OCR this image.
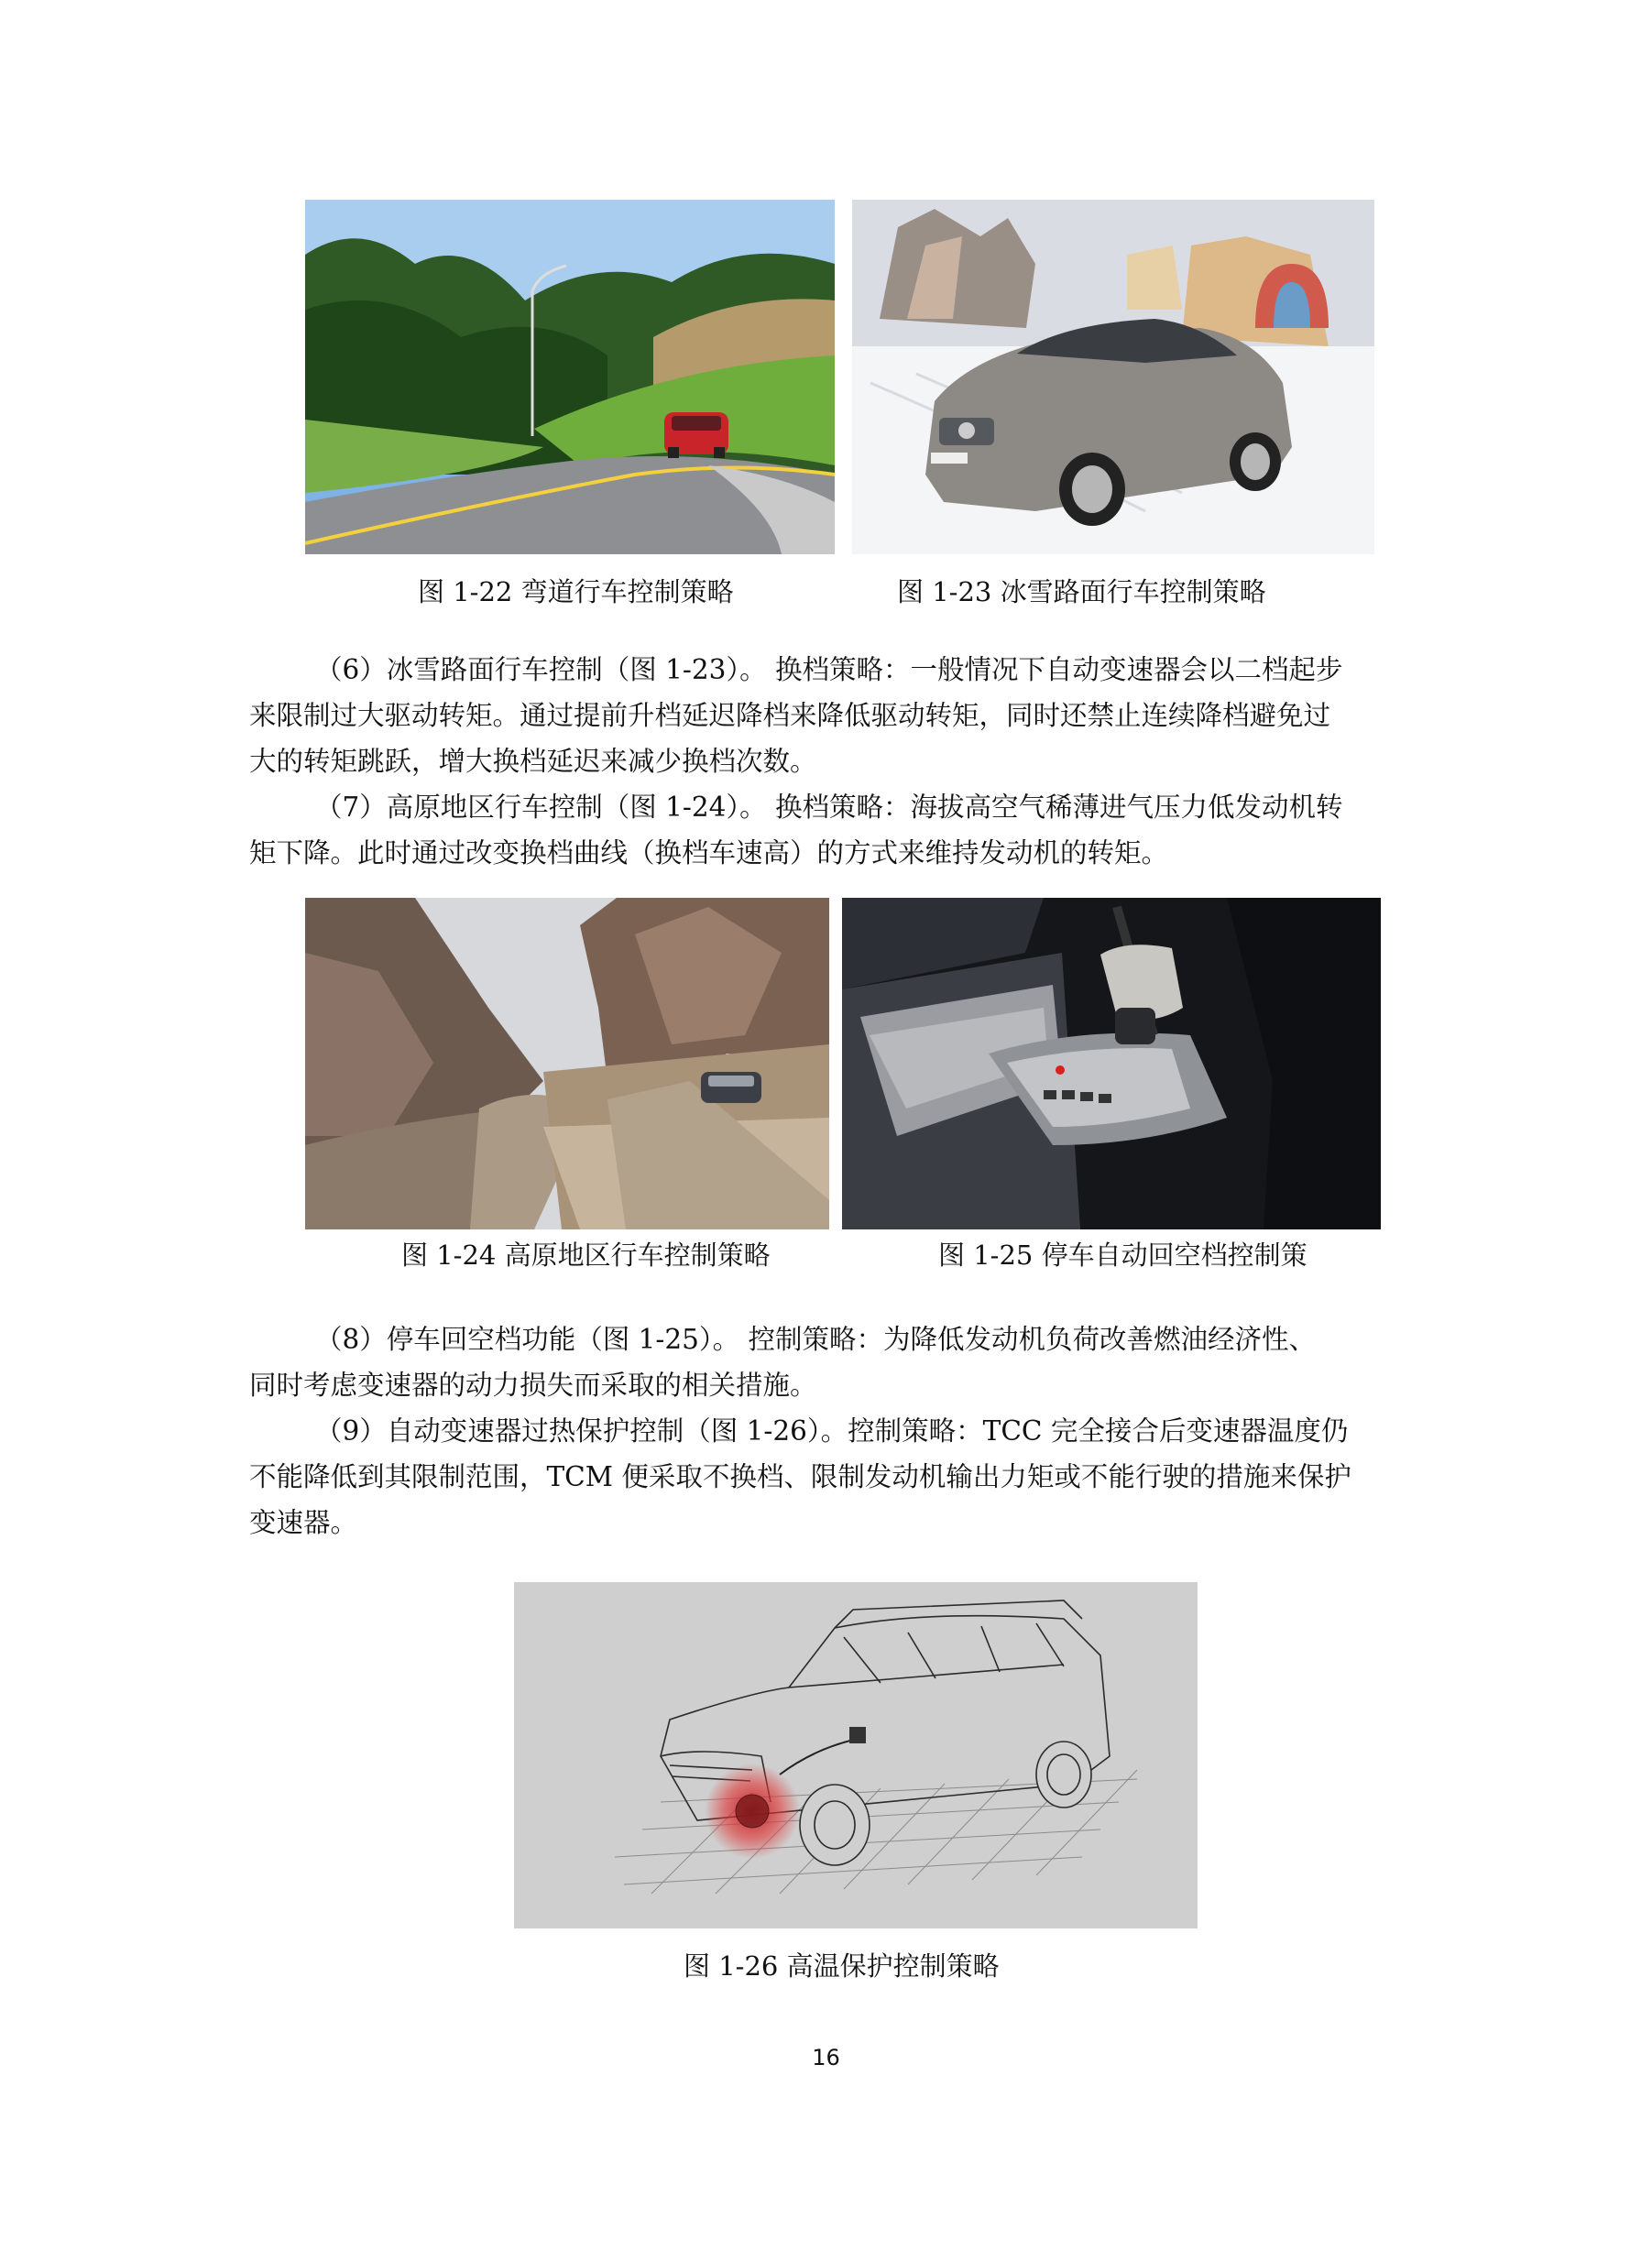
图 1-22 弯道行车控制策略	图 1-23 冰雪路面行车控制策略

（6）冰雪路面行车控制（图 1-23）。 换档策略：一般情况下自动变速器会以二档起步

来限制过大驱动转矩。通过提前升档延迟降档来降低驱动转矩，同时还禁止连续降档避免过

大的转矩跳跃，增大换档延迟来减少换档次数。

（7）高原地区行车控制（图 1-24）。 换档策略：海拔高空气稀薄进气压力低发动机转

矩下降。此时通过改变换档曲线（换档车速高）的方式来维持发动机的转矩。

图 1-24 高原地区行车控制策略	图 1-25 停车自动回空档控制策

（8）停车回空档功能（图 1-25）。 控制策略：为降低发动机负荷改善燃油经济性、

同时考虑变速器的动力损失而采取的相关措施。

（9）自动变速器过热保护控制（图 1-26）。控制策略：TCC 完全接合后变速器温度仍

不能降低到其限制范围，TCM 便采取不换档、限制发动机输出力矩或不能行驶的措施来保护

变速器。

图 1-26 高温保护控制策略
16
